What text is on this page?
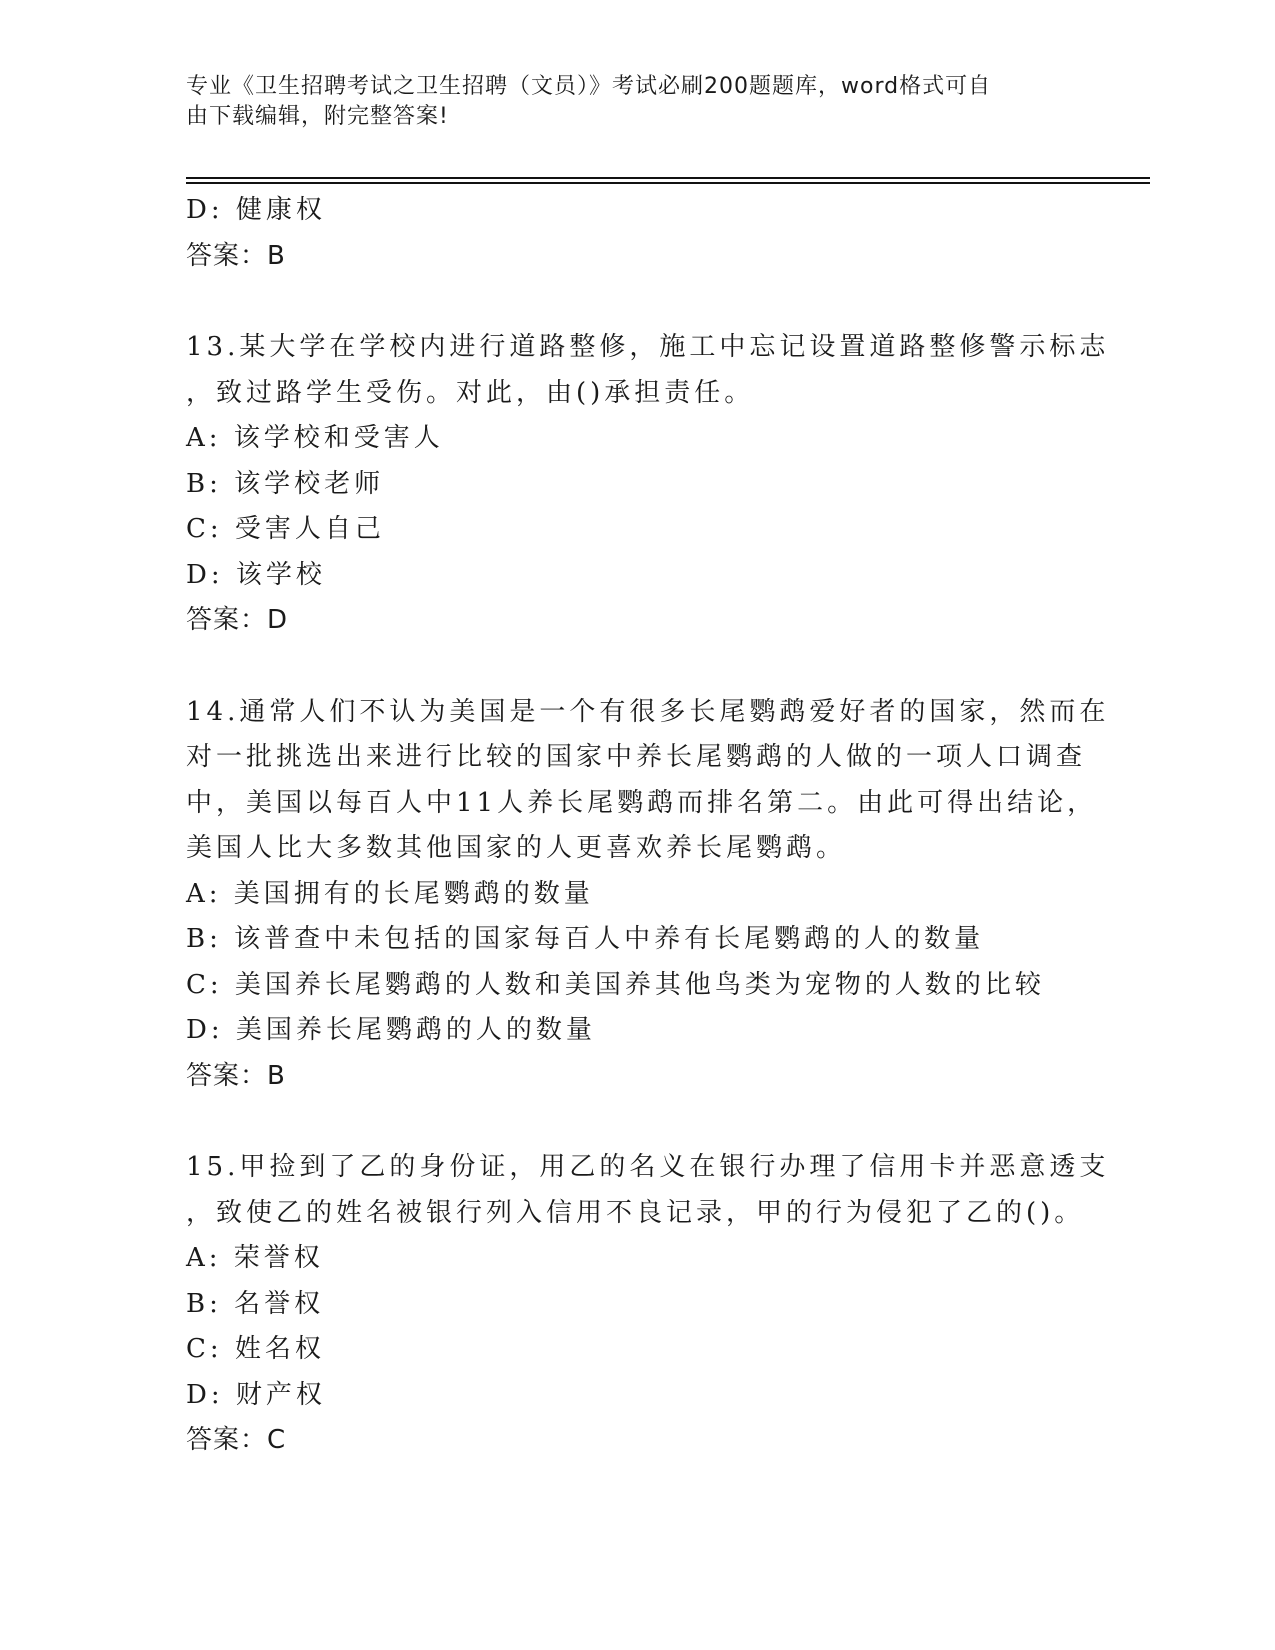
专业《卫生招聘考试之卫生招聘（文员）》考试必刷200题题库，word格式可自
由下载编辑，附完整答案!
D: 健康权
答案：B
13.某大学在学校内进行道路整修，施工中忘记设置道路整修警示标志
，致过路学生受伤。对此，由()承担责任。
A: 该学校和受害人
B: 该学校老师
C: 受害人自己
D: 该学校
答案：D
14.通常人们不认为美国是一个有很多长尾鹦鹉爱好者的国家，然而在
对一批挑选出来进行比较的国家中养长尾鹦鹉的人做的一项人口调查
中，美国以每百人中11人养长尾鹦鹉而排名第二。由此可得出结论，
美国人比大多数其他国家的人更喜欢养长尾鹦鹉。
A: 美国拥有的长尾鹦鹉的数量
B: 该普查中未包括的国家每百人中养有长尾鹦鹉的人的数量
C: 美国养长尾鹦鹉的人数和美国养其他鸟类为宠物的人数的比较
D: 美国养长尾鹦鹉的人的数量
答案：B
15.甲捡到了乙的身份证，用乙的名义在银行办理了信用卡并恶意透支
，致使乙的姓名被银行列入信用不良记录，甲的行为侵犯了乙的()。
A: 荣誉权
B: 名誉权
C: 姓名权
D: 财产权
答案：C
